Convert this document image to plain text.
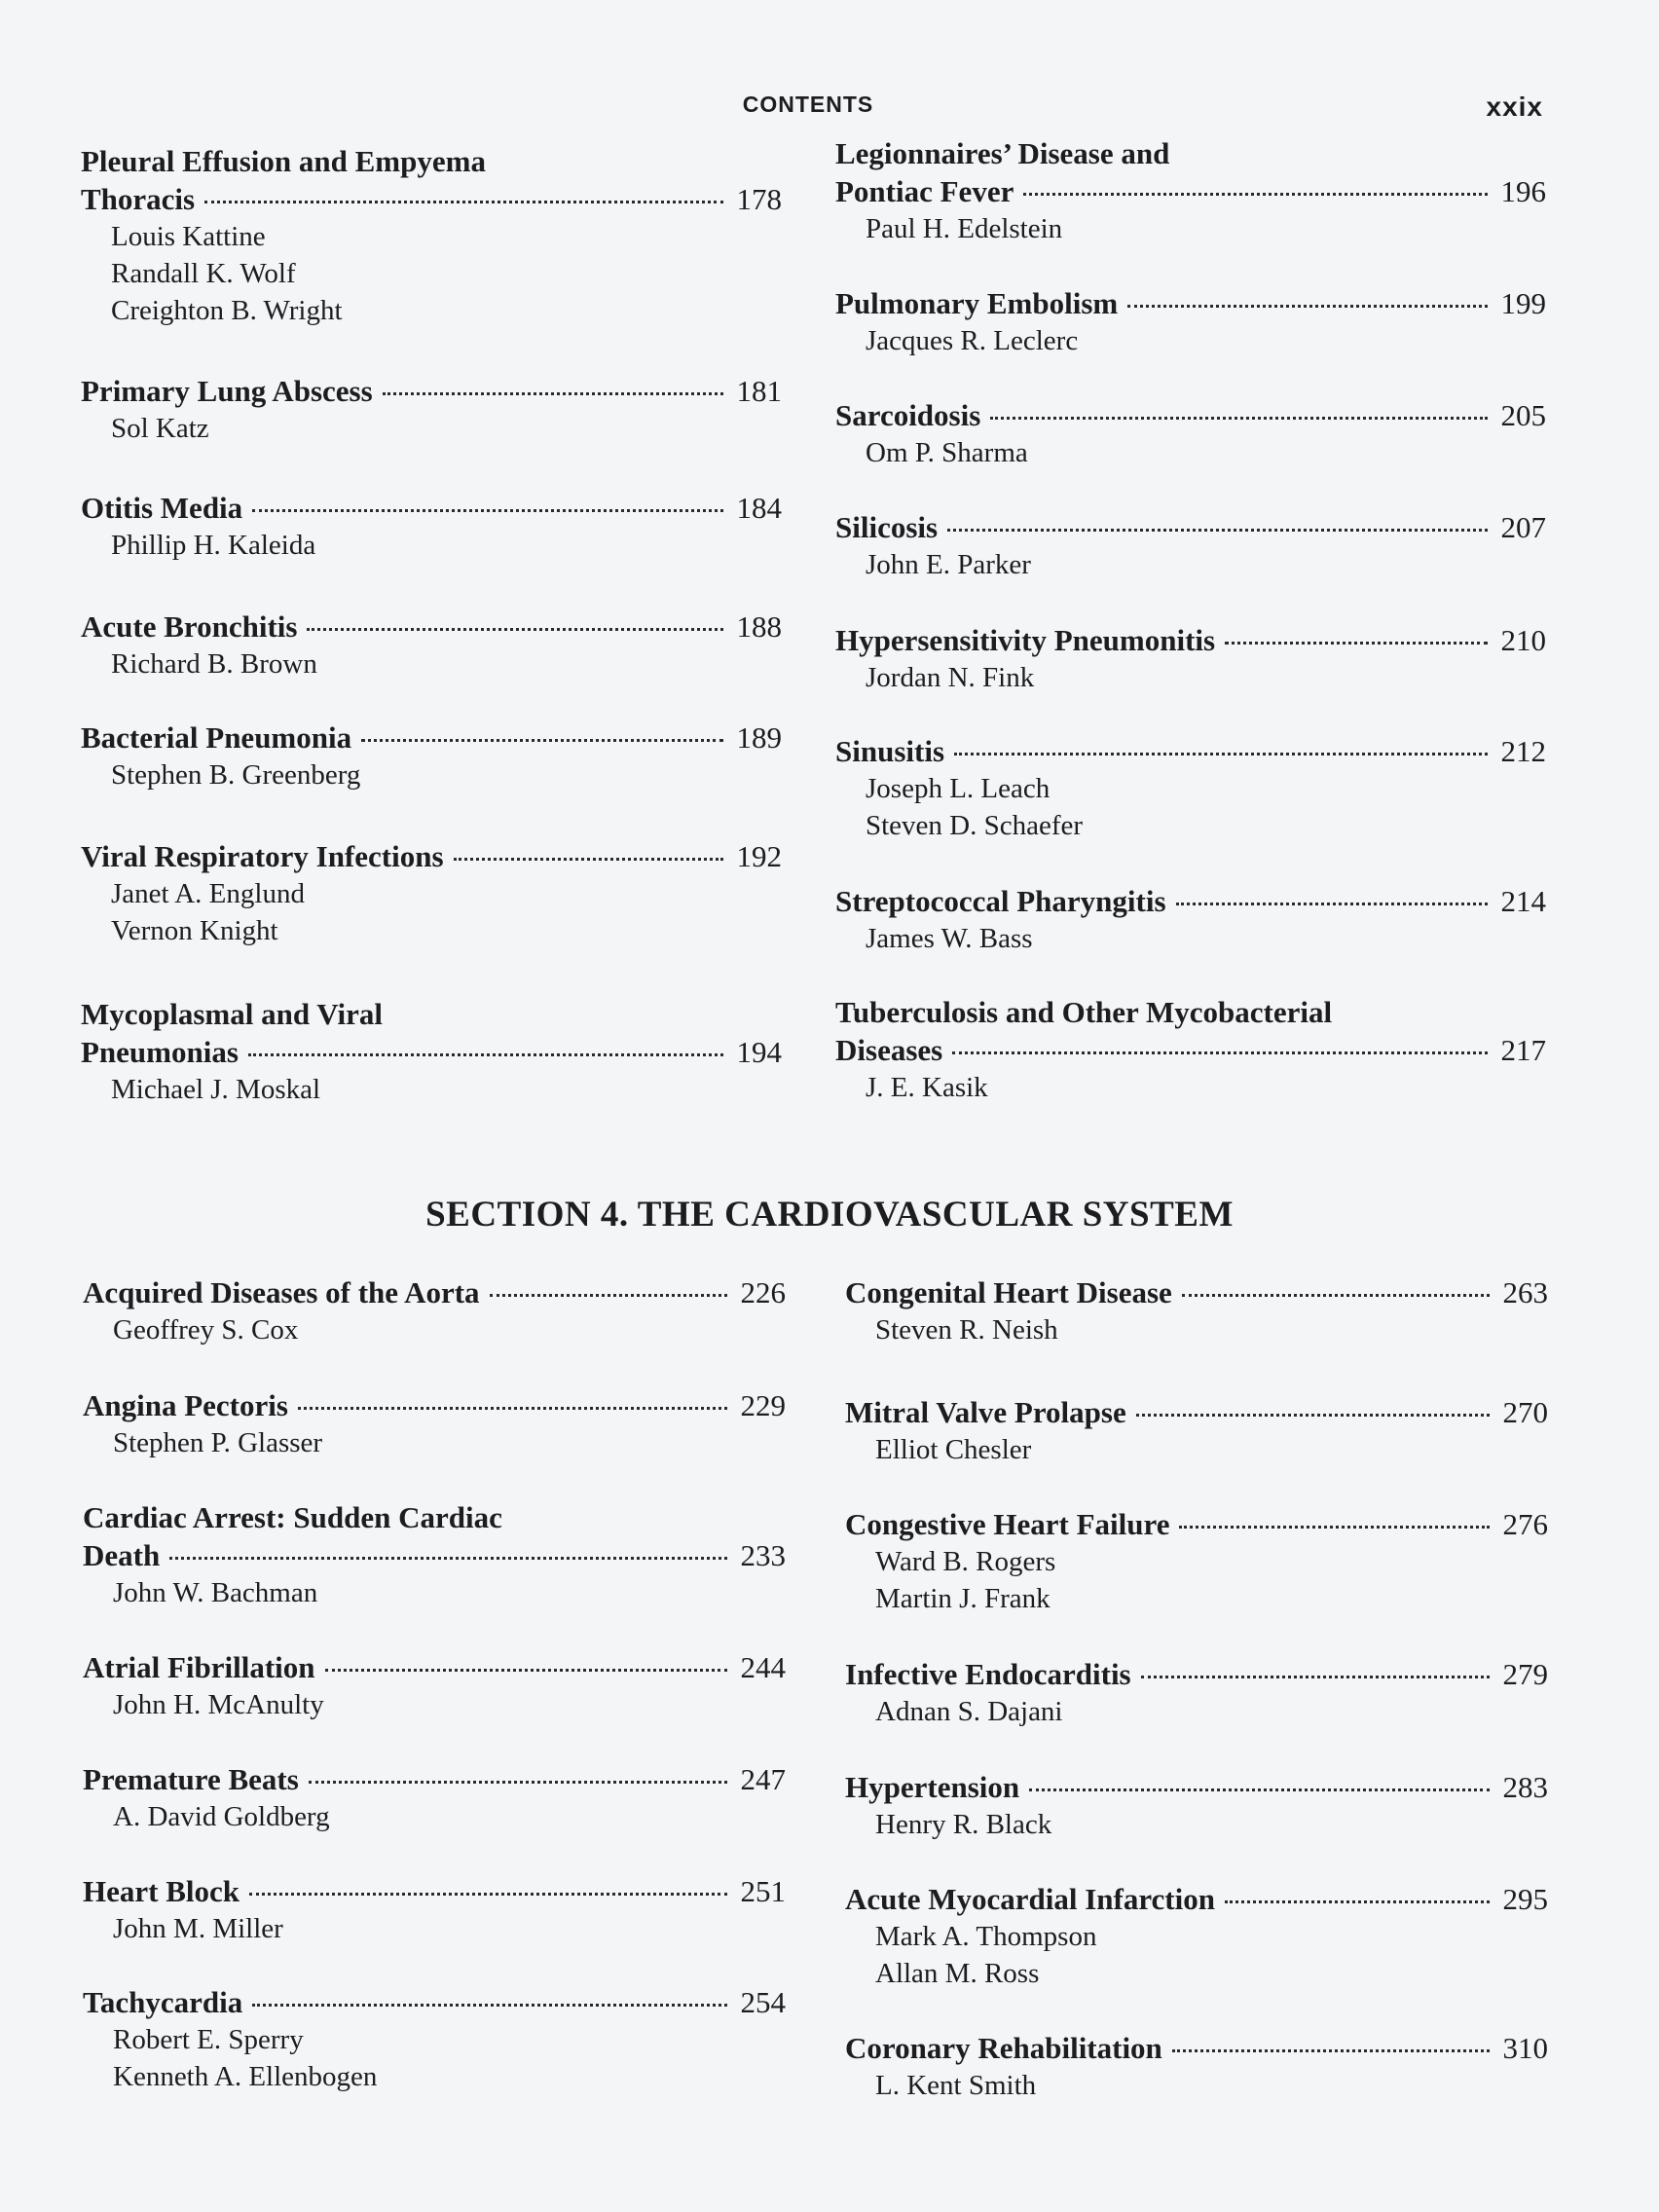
CONTENTS	xxix
Pleural Effusion and Empyema
Thoracis	178
Louis Kattine
Randall K. Wolf
Creighton B. Wright
Primary Lung Abscess	181
Sol Katz
Otitis Media	184
Phillip H. Kaleida
Acute Bronchitis	188
Richard B. Brown
Bacterial Pneumonia	189
Stephen B. Greenberg
Viral Respiratory Infections	192
Janet A. Englund
Vernon Knight
Mycoplasmal and Viral
Pneumonias	194
Michael J. Moskal
Legionnaires’ Disease and
Pontiac Fever	196
Paul H. Edelstein
Pulmonary Embolism	199
Jacques R. Leclerc
Sarcoidosis	205
Om P. Sharma
Silicosis	207
John E. Parker
Hypersensitivity Pneumonitis	210
Jordan N. Fink
Sinusitis	212
Joseph L. Leach
Steven D. Schaefer
Streptococcal Pharyngitis	214
James W. Bass
Tuberculosis and Other Mycobacterial
Diseases	217
J. E. Kasik
SECTION 4. THE CARDIOVASCULAR SYSTEM
Acquired Diseases of the Aorta	226
Geoffrey S. Cox
Angina Pectoris	229
Stephen P. Glasser
Cardiac Arrest: Sudden Cardiac
Death	233
John W. Bachman
Atrial Fibrillation	244
John H. McAnulty
Premature Beats	247
A. David Goldberg
Heart Block	251
John M. Miller
Tachycardia	254
Robert E. Sperry
Kenneth A. Ellenbogen
Congenital Heart Disease	263
Steven R. Neish
Mitral Valve Prolapse	270
Elliot Chesler
Congestive Heart Failure	276
Ward B. Rogers
Martin J. Frank
Infective Endocarditis	279
Adnan S. Dajani
Hypertension	283
Henry R. Black
Acute Myocardial Infarction	295
Mark A. Thompson
Allan M. Ross
Coronary Rehabilitation	310
L. Kent Smith
